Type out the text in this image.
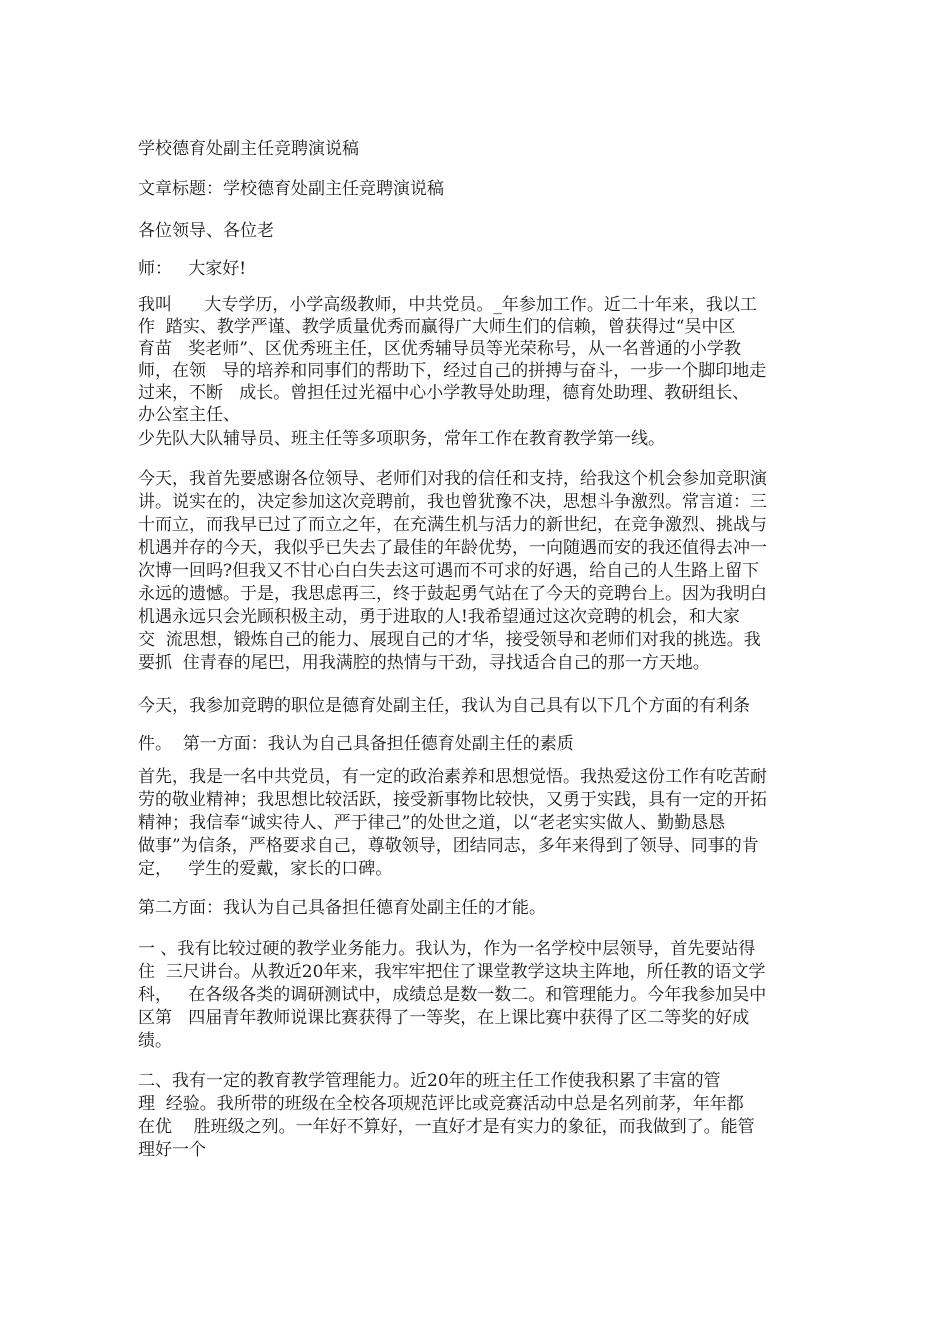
学校德育处副主任竞聘演说稿
文章标题：学校德育处副主任竞聘演说稿
各位领导、各位老
师：   大家好!
我叫      大专学历，小学高级教师，中共党员。_年参加工作。近二十年来，我以工
作  踏实、教学严谨、教学质量优秀而赢得广大师生们的信赖，曾获得过“吴中区
育苗   奖老师”、区优秀班主任，区优秀辅导员等光荣称号，从一名普通的小学教
师，在领   导的培养和同事们的帮助下，经过自己的拼搏与奋斗，一步一个脚印地走
过来，不断   成长。曾担任过光福中心小学教导处助理，德育处助理、教研组长、
办公室主任、
少先队大队辅导员、班主任等多项职务，常年工作在教育教学第一线。
今天，我首先要感谢各位领导、老师们对我的信任和支持，给我这个机会参加竞职演
讲。说实在的，决定参加这次竞聘前，我也曾犹豫不决，思想斗争激烈。常言道：三
十而立，而我早已过了而立之年，在充满生机与活力的新世纪，在竞争激烈、挑战与
机遇并存的今天，我似乎已失去了最佳的年龄优势，一向随遇而安的我还值得去冲一
次博一回吗?但我又不甘心白白失去这可遇而不可求的好遇，给自己的人生路上留下
永远的遗憾。于是，我思虑再三，终于鼓起勇气站在了今天的竞聘台上。因为我明白
机遇永远只会光顾积极主动，勇于进取的人!我希望通过这次竞聘的机会，和大家
交  流思想，锻炼自己的能力、展现自己的才华，接受领导和老师们对我的挑选。我
要抓  住青春的尾巴，用我满腔的热情与干劲，寻找适合自己的那一方天地。
今天，我参加竞聘的职位是德育处副主任，我认为自己具有以下几个方面的有利条
件。  第一方面：我认为自己具备担任德育处副主任的素质
首先，我是一名中共党员，有一定的政治素养和思想觉悟。我热爱这份工作有吃苦耐
劳的敬业精神；我思想比较活跃，接受新事物比较快，又勇于实践，具有一定的开拓
精神；我信奉“诚实待人、严于律己”的处世之道，以“老老实实做人、勤勤恳恳
做事”为信条，严格要求自己，尊敬领导，团结同志，多年来得到了领导、同事的肯
定，   学生的爱戴，家长的口碑。
第二方面：我认为自己具备担任德育处副主任的才能。
一 、我有比较过硬的教学业务能力。我认为，作为一名学校中层领导，首先要站得
住  三尺讲台。从教近20年来，我牢牢把住了课堂教学这块主阵地，所任教的语文学
科，   在各级各类的调研测试中，成绩总是数一数二。和管理能力。今年我参加吴中
区第   四届青年教师说课比赛获得了一等奖，在上课比赛中获得了区二等奖的好成
绩。
二、我有一定的教育教学管理能力。近20年的班主任工作使我积累了丰富的管
理  经验。我所带的班级在全校各项规范评比或竞赛活动中总是名列前茅，年年都
在优    胜班级之列。一年好不算好，一直好才是有实力的象征，而我做到了。能管
理好一个
